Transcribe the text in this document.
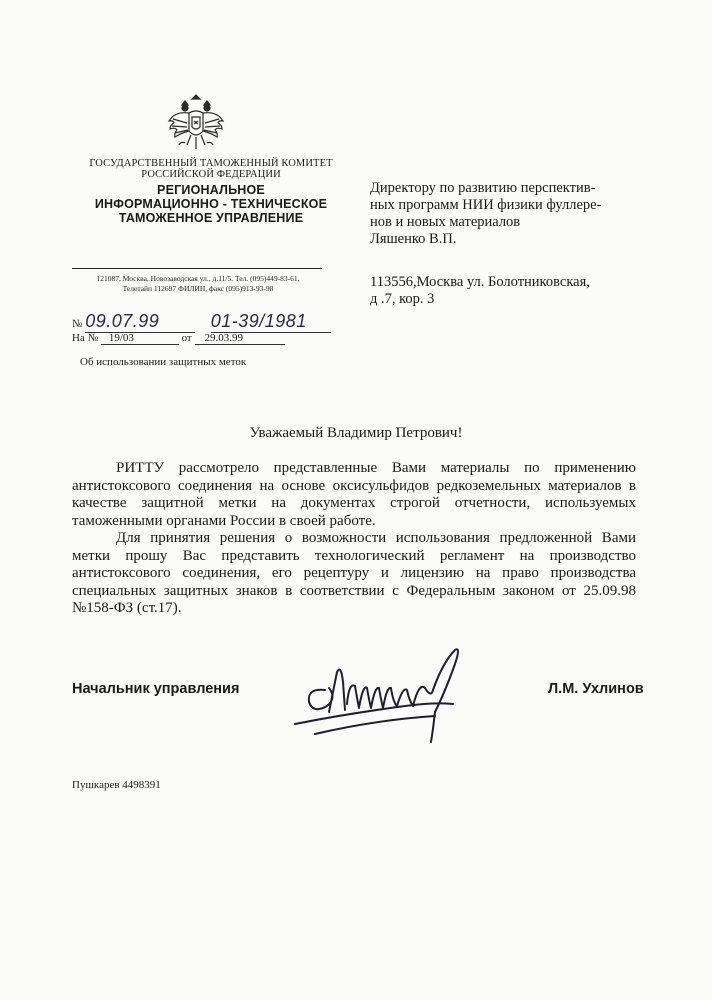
ГОСУДАРСТВЕННЫЙ ТАМОЖЕННЫЙ КОМИТЕТ
РОССИЙСКОЙ ФЕДЕРАЦИИ
РЕГИОНАЛЬНОЕ
ИНФОРМАЦИОННО - ТЕХНИЧЕСКОЕ
ТАМОЖЕННОЕ УПРАВЛЕНИЕ
121087, Москва, Новозаводская ул., д.11/5. Тел. (095)449-83-61,
Телетайп 112697 ФИЛИН, факс (095)913-93-98
№ 09.07.99	01-39/1981
На № 19/03	от 29.03.99
Об использовании защитных меток
Директору по развитию перспектив-
ных программ НИИ физики фуллере-
нов и новых материалов
Ляшенко В.П.
113556,Москва ул. Болотниковская,
д .7, кор. 3
Уважаемый Владимир Петрович!

РИТТУ рассмотрело представленные Вами материалы по применению антистоксового соединения на основе оксисульфидов редкоземельных материалов в качестве защитной метки на документах строгой отчетности, используемых таможенными органами России в своей работе.

Для принятия решения о возможности использования предложенной Вами метки прошу Вас представить технологический регламент на производство антистоксового соединения, его рецептуру и лицензию на право производства специальных защитных знаков в соответствии с Федеральным законом от 25.09.98 №158-ФЗ (ст.17).

Начальник управления	Л.М. Ухлинов
Пушкарев 4498391
